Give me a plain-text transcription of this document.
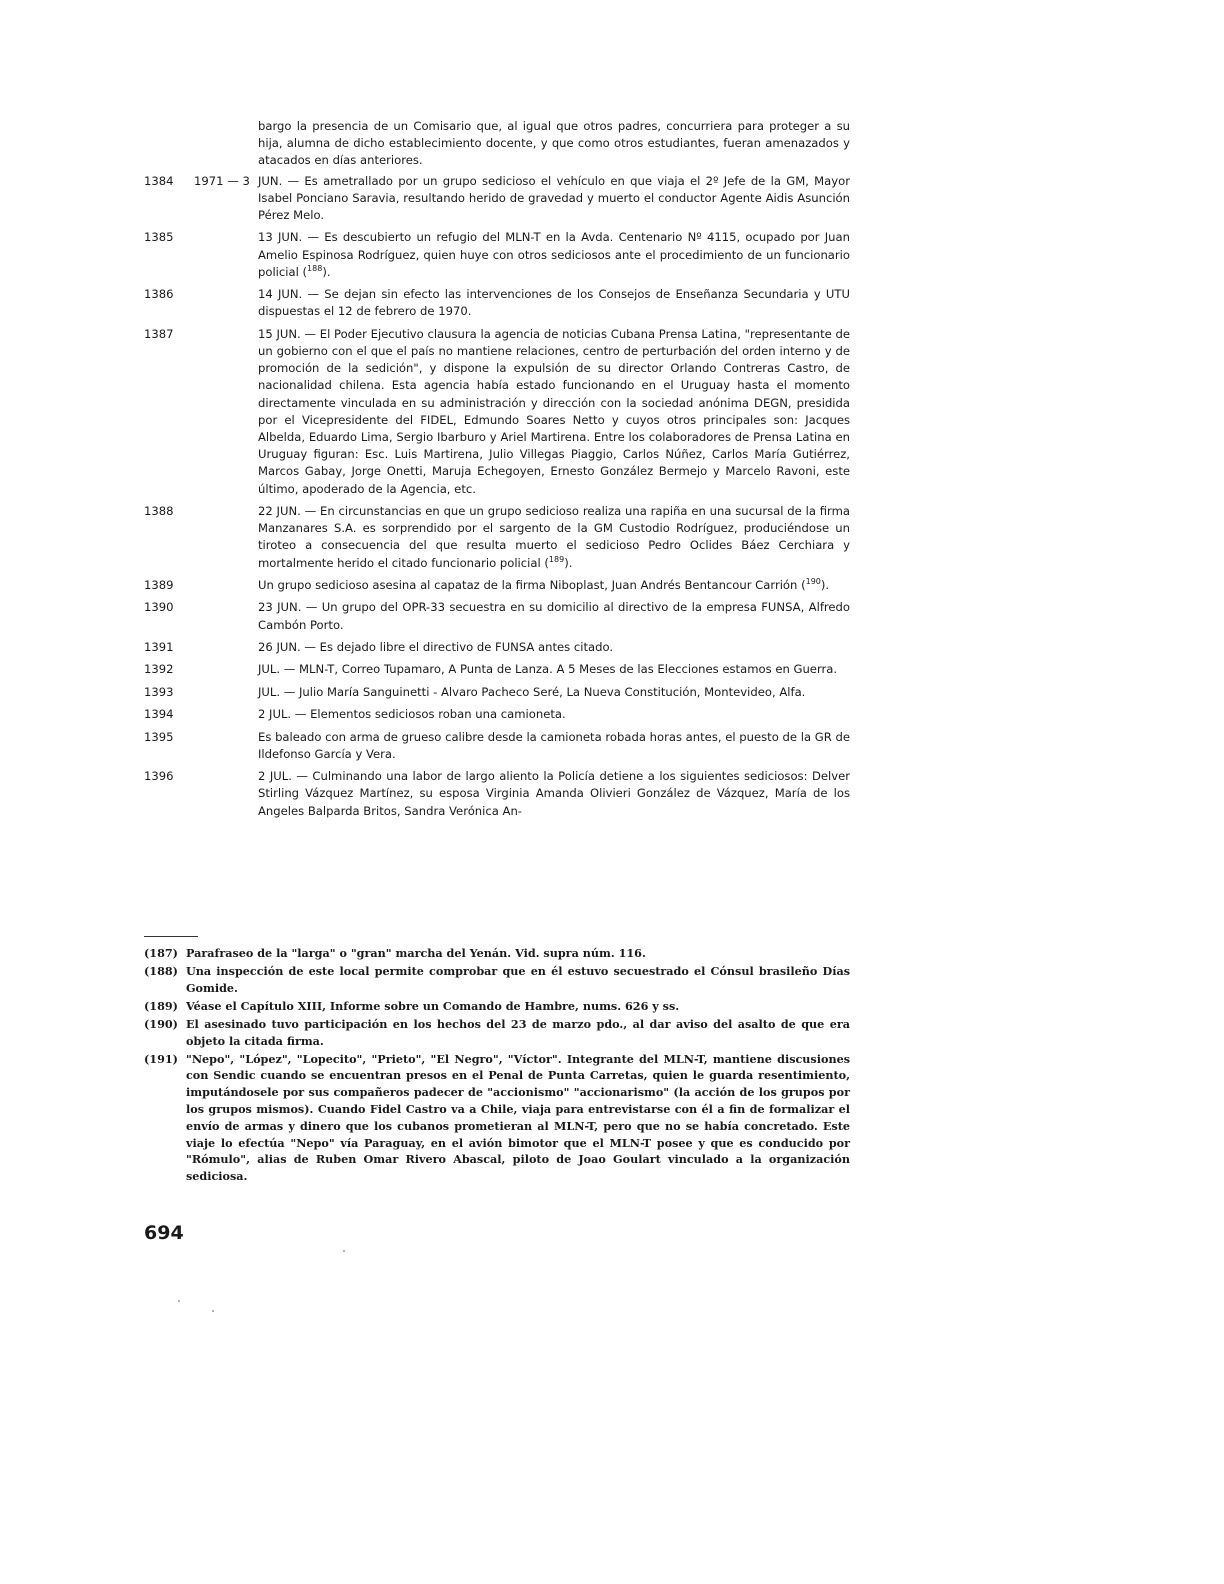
bargo la presencia de un Comisario que, al igual que otros padres, concurriera para proteger a su hija, alumna de dicho establecimiento docente, y que como otros estudiantes, fueran amenazados y atacados en días anteriores.
1384	1971 — 3 JUN. — Es ametrallado por un grupo sedicioso el vehículo en que viaja el 2º Jefe de la GM, Mayor Isabel Ponciano Saravia, resultando herido de gravedad y muerto el conductor Agente Aidis Asunción Pérez Melo.
1385	13 JUN. — Es descubierto un refugio del MLN-T en la Avda. Centenario Nº 4115, ocupado por Juan Amelio Espinosa Rodríguez, quien huye con otros sediciosos ante el procedimiento de un funcionario policial ($^{188}$).
1386	14 JUN. — Se dejan sin efecto las intervenciones de los Consejos de Enseñanza Secundaria y UTU dispuestas el 12 de febrero de 1970.
1387	15 JUN. — El Poder Ejecutivo clausura la agencia de noticias Cubana Prensa Latina, "representante de un gobierno con el que el país no mantiene relaciones, centro de perturbación del orden interno y de promoción de la sedición", y dispone la expulsión de su director Orlando Contreras Castro, de nacionalidad chilena. Esta agencia había estado funcionando en el Uruguay hasta el momento directamente vinculada en su administración y dirección con la sociedad anónima DEGN, presidida por el Vicepresidente del FIDEL, Edmundo Soares Netto y cuyos otros principales son: Jacques Albelda, Eduardo Lima, Sergio Ibarburo y Ariel Martirena. Entre los colaboradores de Prensa Latina en Uruguay figuran: Esc. Luis Martirena, Julio Villegas Piaggio, Carlos Núñez, Carlos María Gutiérrez, Marcos Gabay, Jorge Onetti, Maruja Echegoyen, Ernesto González Bermejo y Marcelo Ravoni, este último, apoderado de la Agencia, etc.
1388	22 JUN. — En circunstancias en que un grupo sedicioso realiza una rapiña en una sucursal de la firma Manzanares S.A. es sorprendido por el sargento de la GM Custodio Rodríguez, produciéndose un tiroteo a consecuencia del que resulta muerto el sedicioso Pedro Oclides Báez Cerchiara y mortalmente herido el citado funcionario policial ($^{189}$).
1389	Un grupo sedicioso asesina al capataz de la firma Niboplast, Juan Andrés Bentancour Carrión ($^{190}$).
1390	23 JUN. — Un grupo del OPR-33 secuestra en su domicilio al directivo de la empresa FUNSA, Alfredo Cambón Porto.
1391	26 JUN. — Es dejado libre el directivo de FUNSA antes citado.
1392	JUL. — MLN-T, Correo Tupamaro, A Punta de Lanza. A 5 Meses de las Elecciones estamos en Guerra.
1393	JUL. — Julio María Sanguinetti - Alvaro Pacheco Seré, La Nueva Constitución, Montevideo, Alfa.
1394	2 JUL. — Elementos sediciosos roban una camioneta.
1395	Es baleado con arma de grueso calibre desde la camioneta robada horas antes, el puesto de la GR de Ildefonso García y Vera.
1396	2 JUL. — Culminando una labor de largo aliento la Policía detiene a los siguientes sediciosos: Delver Stirling Vázquez Martínez, su esposa Virginia Amanda Olivieri González de Vázquez, María de los Angeles Balparda Britos, Sandra Verónica An-
(187) Parafraseo de la "larga" o "gran" marcha del Yenán. Vid. supra núm. 116.
(188) Una inspección de este local permite comprobar que en él estuvo secuestrado el Cónsul brasileño Días Gomide.
(189) Véase el Capítulo XIII, Informe sobre un Comando de Hambre, nums. 626 y ss.
(190) El asesinado tuvo participación en los hechos del 23 de marzo pdo., al dar aviso del asalto de que era objeto la citada firma.
(191) "Nepo", "López", "Lopecito", "Prieto", "El Negro", "Víctor". Integrante del MLN-T, mantiene discusiones con Sendic cuando se encuentran presos en el Penal de Punta Carretas, quien le guarda resentimiento, imputándosele por sus compañeros padecer de "accionismo" "accionarismo" (la acción de los grupos por los grupos mismos). Cuando Fidel Castro va a Chile, viaja para entrevistarse con él a fin de formalizar el envío de armas y dinero que los cubanos prometieran al MLN-T, pero que no se había concretado. Este viaje lo efectúa "Nepo" vía Paraguay, en el avión bimotor que el MLN-T posee y que es conducido por "Rómulo", alias de Ruben Omar Rivero Abascal, piloto de Joao Goulart vinculado a la organización sediciosa.
694
